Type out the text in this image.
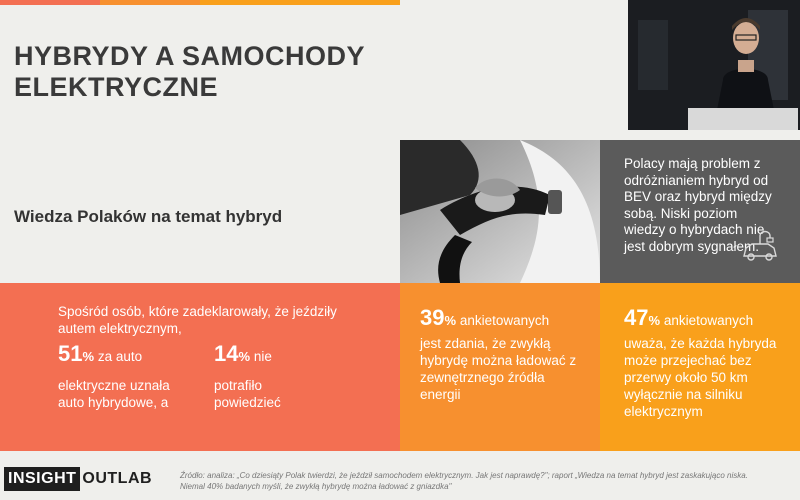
HYBRYDY A SAMOCHODY ELEKTRYCZNE
Wiedza Polaków na temat hybryd

Polacy mają problem z odróżnianiem hybryd od BEV oraz hybryd między sobą. Niski poziom wiedzy o hybrydach nie jest dobrym sygnałem.

Spośród osób, które zadeklarowały, że jeździły autem elektrycznym,

51% za auto

elektryczne uznała auto hybrydowe, a

14% nie

potrafiło powiedzieć

39% ankietowanych

jest zdania, że zwykłą hybrydę można ładować z zewnętrznego źródła energii

47% ankietowanych

uważa, że każda hybryda może przejechać bez przerwy około 50 km wyłącznie na silniku elektrycznym

INSIGHT OUTLAB	Źródło: analiza: „Co dziesiąty Polak twierdzi, że jeździł samochodem elektrycznym. Jak jest naprawdę?"; raport „Wiedza na temat hybryd jest zaskakująco niska. Niemal 40% badanych myśli, że zwykłą hybrydę można ładować z gniazdka"
